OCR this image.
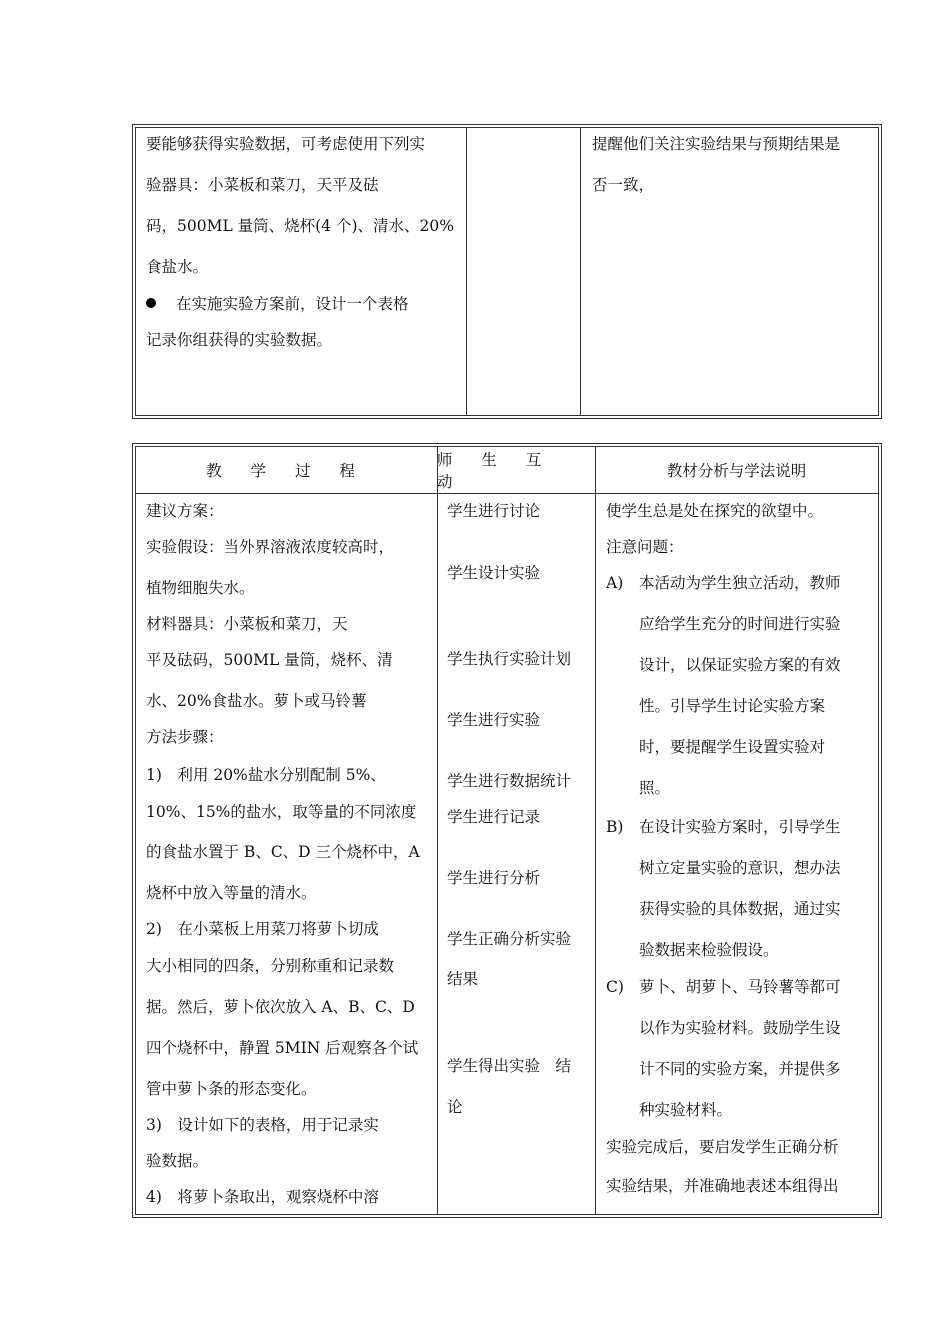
要能够获得实验数据，可考虑使用下列实
验器具：小菜板和菜刀，天平及砝
码，500ML 量筒、烧杯(4 个)、清水、20%
食盐水。
在实施实验方案前，设计一个表格
记录你组获得的实验数据。
提醒他们关注实验结果与预期结果是
否一致，
教 学 过 程
师 生 互 动
教材分析与学法说明
建议方案：
实验假设：当外界溶液浓度较高时，
植物细胞失水。
材料器具：小菜板和菜刀，天
平及砝码，500ML 量筒，烧杯、清
水、20%食盐水。萝卜或马铃薯
方法步骤：
1)　利用 20%盐水分别配制 5%、
10%、15%的盐水，取等量的不同浓度
的食盐水置于 B、C、D 三个烧杯中，A
烧杯中放入等量的清水。
2)　在小菜板上用菜刀将萝卜切成
大小相同的四条，分别称重和记录数
据。然后，萝卜依次放入 A、B、C、D
四个烧杯中，静置 5MIN 后观察各个试
管中萝卜条的形态变化。
3)　设计如下的表格，用于记录实
验数据。
4)　将萝卜条取出，观察烧杯中溶
学生进行讨论
学生设计实验
学生执行实验计划
学生进行实验
学生进行数据统计
学生进行记录
学生进行分析
学生正确分析实验
结果
学生得出实验　结
论
使学生总是处在探究的欲望中。
注意问题：
A) 本活动为学生独立活动，教师
应给学生充分的时间进行实验
设计，以保证实验方案的有效
性。引导学生讨论实验方案
时，要提醒学生设置实验对
照。
B) 在设计实验方案时，引导学生
树立定量实验的意识，想办法
获得实验的具体数据，通过实
验数据来检验假设。
C) 萝卜、胡萝卜、马铃薯等都可
以作为实验材料。鼓励学生设
计不同的实验方案，并提供多
种实验材料。
实验完成后，要启发学生正确分析
实验结果，并准确地表述本组得出
